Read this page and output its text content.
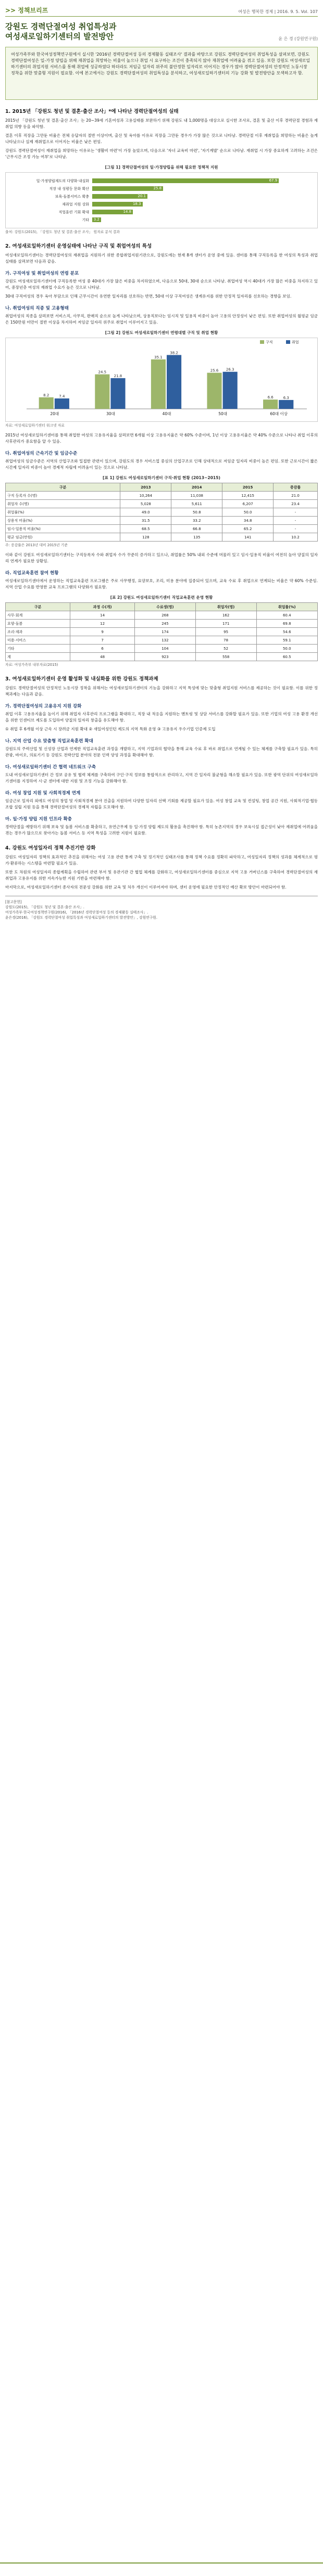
>> 정책브리프	여성은 행복한 경제 | 2016. 9. 5. Vol. 107
강원도 경력단절여성 취업특성과
여성새로일하기센터의 발전방안	윤 은 경 (강원연구원)
여성가족부와 한국여성정책연구원에서 실시한 '2016년 경력단절여성 등의 경제활동 실태조사' 결과를 바탕으로 강원도 경력단절여성의 취업특성을 살펴보면, 강원도 경력단절여성은 일-가정 양립을 위해 재취업을 희망하는 비율이 높으나 취업 시 요구하는 조건이 충족되지 않아 재취업에 어려움을 겪고 있음. 또한 강원도 여성새로일하기센터의 취업지원 서비스를 통해 취업에 성공하였다 하더라도 저임금 일자리 위주의 불안정한 일자리로 이어지는 경우가 많아 경력단절여성의 안정적인 노동시장 정착을 위한 맞춤형 지원이 필요함. 이에 본고에서는 강원도 경력단절여성의 취업특성을 분석하고, 여성새로일하기센터의 기능 강화 및 발전방안을 모색하고자 함.
1. 2015년 「강원도 청년 및 결혼·출산 조사」*에 나타난 경력단절여성의 실태

2015년 「강원도 청년 및 결혼·출산 조사」는 20~39세 기혼여성과 고용실태를 보완하기 위해 강원도 내 1,000명을 대상으로 실시한 조사로, 결혼 및 출산 이후 경력단절 경험과 재취업 의향 등을 파악함.

결혼 이후 직장을 그만둔 비율은 전체 응답자의 절반 이상이며, 출산 및 육아를 이유로 직장을 그만둔 경우가 가장 많은 것으로 나타남. 경력단절 이후 재취업을 희망하는 비율은 높게 나타났으나 실제 재취업으로 이어지는 비율은 낮은 편임.

강원도 경력단절여성이 재취업을 희망하는 이유로는 '생활비 마련'이 가장 높았으며, 다음으로 '자녀 교육비 마련', '자기계발' 순으로 나타남. 재취업 시 가장 중요하게 고려하는 조건은 '근무시간 조정 가능 여부'로 나타남.

[그림 1] 경력단절여성의 일·가정양립을 위해 필요한 정책적 지원
일·가정양립제도의 다양화·내실화	67.9
직장 내 성평등 문화 확산	25.8
보육·돌봄서비스 확충	20.1
재취업 지원 강화	18.3
직업훈련 기회 확대	14.8
기타	3.2
출처: 강원도(2015), 「강원도 청년 및 결혼·출산 조사」 원자료 분석 결과
2. 여성새로일하기센터 운영실태에 나타난 구직 및 취업여성의 특성

여성새로일하기센터는 경력단절여성의 재취업을 지원하기 위한 종합취업지원기관으로, 강원도에는 현재 8개 센터가 운영 중에 있음. 센터를 통해 구직등록을 한 여성의 특성과 취업 실태를 살펴보면 다음과 같음.

가. 구직여성 및 취업여성의 연령 분포

강원도 여성새로일하기센터에 구직등록한 여성 중 40대가 가장 많은 비중을 차지하였으며, 다음으로 50대, 30대 순으로 나타남. 취업여성 역시 40대가 가장 많은 비중을 차지하고 있어, 중장년층 여성의 재취업 수요가 높은 것으로 나타남.

30대 구직여성의 경우 육아 부담으로 인해 근무시간이 유연한 일자리를 선호하는 반면, 50대 이상 구직여성은 생계유지를 위한 안정적 일자리를 선호하는 경향을 보임.

나. 취업여성의 직종 및 고용형태

취업여성의 직종을 살펴보면 서비스직, 사무직, 판매직 순으로 높게 나타났으며, 상용직보다는 임시직 및 일용직 비중이 높아 고용의 안정성이 낮은 편임. 또한 취업여성의 월평균 임금은 150만원 미만이 절반 이상을 차지하여 저임금 일자리 위주로 취업이 이루어지고 있음.

[그림 2] 강원도 여성새로일하기센터 연령대별 구직 및 취업 현황
8.2	7.4
20대
24.5
21.8
30대
35.1
38.2
40대
25.6 26.3
50대
6.6	6.3
60대 이상
구직	취업
자료: 여성새로일하기센터 워크넷 자료

2015년 여성새로일하기센터를 통해 취업한 여성의 고용유지율을 살펴보면 6개월 이상 고용유지율은 약 60% 수준이며, 1년 이상 고용유지율은 약 40% 수준으로 나타나 취업 이후의 사후관리가 중요함을 알 수 있음.

다. 취업여성의 근속기간 및 임금수준

취업여성의 임금수준은 지역의 산업구조와 밀접한 관련이 있으며, 강원도의 경우 서비스업 중심의 산업구조로 인해 상대적으로 저임금 일자리 비중이 높은 편임. 또한 근로시간이 짧은 시간제 일자리 비중이 높아 경제적 자립에 어려움이 있는 것으로 나타남.

[표 1] 강원도 여성새로일하기센터 구직·취업 현황 (2013~2015)
구분	2013	2014	2015	증감률
구직 등록자 수(명)	10,264	11,038	12,415	21.0
취업자 수(명)	5,028	5,611	6,207	23.4
취업률(%)	49.0	50.8	50.0	-
상용직 비율(%)	31.5	33.2	34.8	-
임시·일용직 비율(%)	68.5	66.8	65.2	-
평균 임금(만원)	128	135	141	10.2
주: 증감률은 2013년 대비 2015년 기준

이와 같이 강원도 여성새로일하기센터는 구직등록자 수와 취업자 수가 꾸준히 증가하고 있으나, 취업률은 50% 내외 수준에 머물러 있고 임시·일용직 비율이 여전히 높아 양질의 일자리 연계가 필요한 상황임.

라. 직업교육훈련 참여 현황

여성새로일하기센터에서 운영하는 직업교육훈련 프로그램은 주로 사무행정, 요양보호, 조리, 미용 분야에 집중되어 있으며, 교육 수료 후 취업으로 연계되는 비율은 약 60% 수준임. 지역 산업 수요를 반영한 교육 프로그램의 다양화가 필요함.

[표 2] 강원도 여성새로일하기센터 직업교육훈련 운영 현황
구분	과정 수(개)	수료생(명)	취업자(명)	취업률(%)
사무·회계	14	268	162	60.4
요양·돌봄	12	245	171	69.8
조리·제과	9	174	95	54.6
미용·서비스	7	132	78	59.1
기타	6	104	52	50.0
계	48	923	558	60.5
자료: 여성가족부 내부자료(2015)
3. 여성새로일하기센터 운영 활성화 및 내실화를 위한 강원도 정책과제

강원도 경력단절여성의 안정적인 노동시장 정착을 위해서는 여성새로일하기센터의 기능을 강화하고 지역 특성에 맞는 맞춤형 취업지원 서비스를 제공하는 것이 필요함. 이를 위한 정책과제는 다음과 같음.

가. 경력단절여성의 고용유지 지원 강화

취업 이후 고용유지율을 높이기 위해 취업자 사후관리 프로그램을 확대하고, 직장 내 적응을 지원하는 멘토링 및 상담 서비스를 강화할 필요가 있음. 또한 기업의 여성 고용 환경 개선을 위한 인센티브 제도를 도입하여 양질의 일자리 창출을 유도해야 함.

① 취업 후 6개월 이상 근속 시 장려금 지원 확대 ② 새일여성인턴 제도의 지역 특화 운영 ③ 고용유지 우수기업 인증제 도입

나. 지역 산업 수요 맞춤형 직업교육훈련 확대

강원도의 주력산업 및 신성장 산업과 연계한 직업교육훈련 과정을 개발하고, 지역 기업과의 협약을 통해 교육 수료 후 바로 취업으로 연계될 수 있는 체계를 구축할 필요가 있음. 특히 관광, 바이오, 의료기기 등 강원도 전략산업 분야의 전문 인력 양성 과정을 확대해야 함.

다. 여성새로일하기센터 간 협력 네트워크 구축

도내 여성새로일하기센터 간 정보 공유 및 협력 체계를 구축하여 구인·구직 정보를 통합적으로 관리하고, 지역 간 일자리 불균형을 해소할 필요가 있음. 또한 광역 단위의 여성새로일하기센터를 지정하여 시·군 센터에 대한 지원 및 조정 기능을 강화해야 함.

라. 여성 창업 지원 및 사회적경제 연계

임금근로 일자리 외에도 여성의 창업 및 사회적경제 분야 진출을 지원하여 다양한 일자리 선택 기회를 제공할 필요가 있음. 여성 창업 교육 및 컨설팅, 창업 공간 지원, 사회적기업·협동조합 설립 지원 등을 통해 경력단절여성의 경제적 자립을 도모해야 함.

마. 일·가정 양립 지원 인프라 확충

경력단절을 예방하기 위해 보육 및 돌봄 서비스를 확충하고, 유연근무제 등 일·가정 양립 제도의 활용을 촉진해야 함. 특히 농촌지역의 경우 보육시설 접근성이 낮아 재취업에 어려움을 겪는 경우가 많으므로 찾아가는 돌봄 서비스 등 지역 특성을 고려한 지원이 필요함.

4. 강원도 여성일자리 정책 추진기반 강화

강원도 여성일자리 정책의 효과적인 추진을 위해서는 여성 고용 관련 통계 구축 및 정기적인 실태조사를 통해 정책 수요를 정확히 파악하고, 여성일자리 정책의 성과를 체계적으로 평가·환류하는 시스템을 마련할 필요가 있음.

또한 도 차원의 여성일자리 종합계획을 수립하여 관련 부서 및 유관기관 간 협업 체계를 강화하고, 여성새로일하기센터를 중심으로 지역 고용 거버넌스를 구축하여 경력단절여성의 재취업과 고용유지를 위한 지속가능한 지원 기반을 마련해야 함.

마지막으로, 여성새로일하기센터 종사자의 전문성 강화를 위한 교육 및 처우 개선이 이루어져야 하며, 센터 운영에 필요한 안정적인 예산 확보 방안이 마련되어야 함.

[참고문헌]
강원도(2015), 「강원도 청년 및 결혼·출산 조사」.
여성가족부·한국여성정책연구원(2016), 「2016년 경력단절여성 등의 경제활동 실태조사」.
윤은경(2016), 「강원도 경력단절여성 취업특성과 여성새로일하기센터의 발전방안」, 강원연구원.
